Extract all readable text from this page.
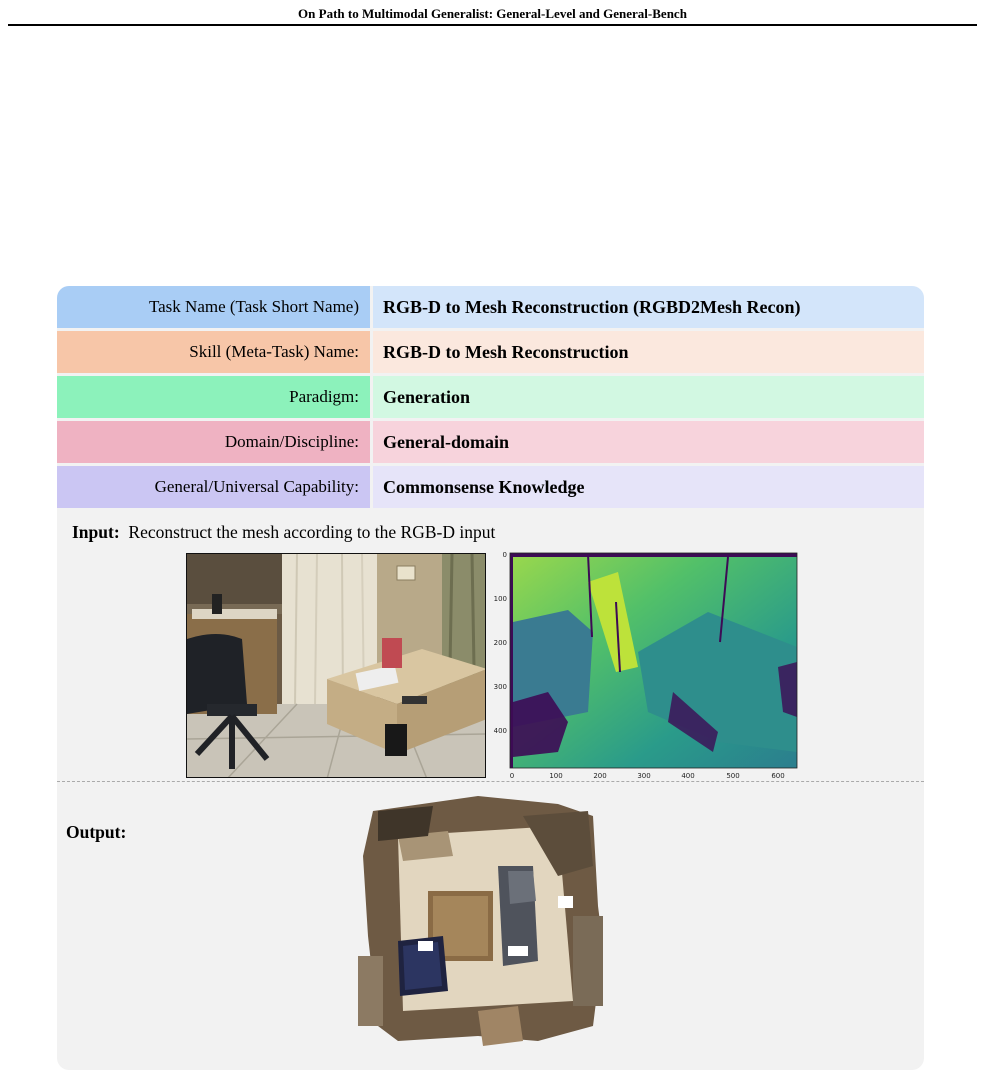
On Path to Multimodal Generalist: General-Level and General-Bench
Task Name (Task Short Name)	RGB-D to Mesh Reconstruction (RGBD2Mesh Recon)
Skill (Meta-Task) Name:	RGB-D to Mesh Reconstruction
Paradigm:	Generation
Domain/Discipline:	General-domain
General/Universal Capability:	Commonsense Knowledge
Input: Reconstruct the mesh according to the RGB-D input
0	100	200	300	400	500	600
0
100
200
300
400
Output:
